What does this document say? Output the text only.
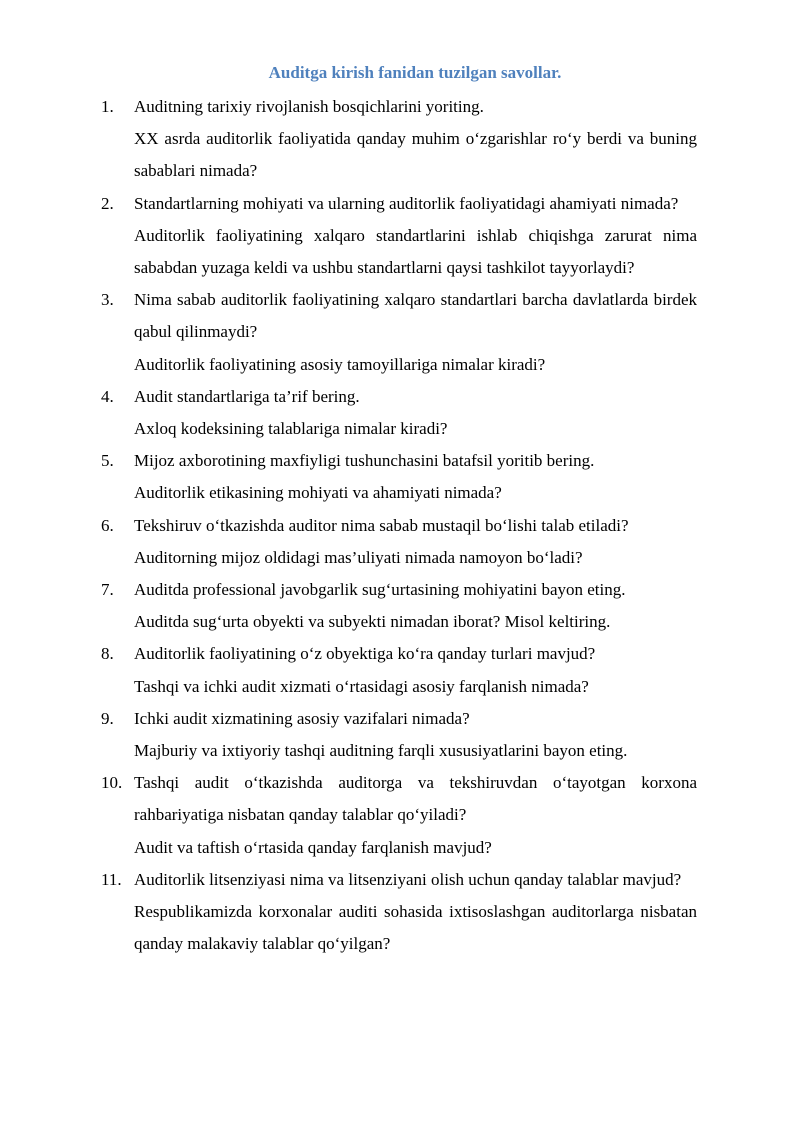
Auditga kirish fanidan tuzilgan savollar.
1. Auditning tarixiy rivojlanish bosqichlarini yoriting.

XX asrda auditorlik faoliyatida qanday muhim o‘zgarishlar ro‘y berdi va buning sabablari nimada?

2. Standartlarning mohiyati va ularning auditorlik faoliyatidagi ahamiyati nimada?

Auditorlik faoliyatining xalqaro standartlarini ishlab chiqishga zarurat nima sababdan yuzaga keldi va ushbu standartlarni qaysi tashkilot tayyorlaydi?

3. Nima sabab auditorlik faoliyatining xalqaro standartlari barcha davlatlarda birdek qabul qilinmaydi?

Auditorlik faoliyatining asosiy tamoyillariga nimalar kiradi?

4. Audit standartlariga ta’rif bering.

Axloq kodeksining talablariga nimalar kiradi?

5. Mijoz axborotining maxfiyligi tushunchasini batafsil yoritib bering.

Auditorlik etikasining mohiyati va ahamiyati nimada?

6. Tekshiruv o‘tkazishda auditor nima sabab mustaqil bo‘lishi talab etiladi?

Auditorning mijoz oldidagi mas’uliyati nimada namoyon bo‘ladi?

7. Auditda professional javobgarlik sug‘urtasining mohiyatini bayon eting.

Auditda sug‘urta obyekti va subyekti nimadan iborat? Misol keltiring.

8. Auditorlik faoliyatining o‘z obyektiga ko‘ra qanday turlari mavjud?

Tashqi va ichki audit xizmati o‘rtasidagi asosiy farqlanish nimada?

9. Ichki audit xizmatining asosiy vazifalari nimada?

Majburiy va ixtiyoriy tashqi auditning farqli xususiyatlarini bayon eting.

10. Tashqi audit o‘tkazishda auditorga va tekshiruvdan o‘tayotgan korxona rahbariyatiga nisbatan qanday talablar qo‘yiladi?

Audit va taftish o‘rtasida qanday farqlanish mavjud?

11. Auditorlik litsenziyasi nima va litsenziyani olish uchun qanday talablar mavjud?

Respublikamizda korxonalar auditi sohasida ixtisoslashgan auditorlarga nisbatan qanday malakaviy talablar qo‘yilgan?
